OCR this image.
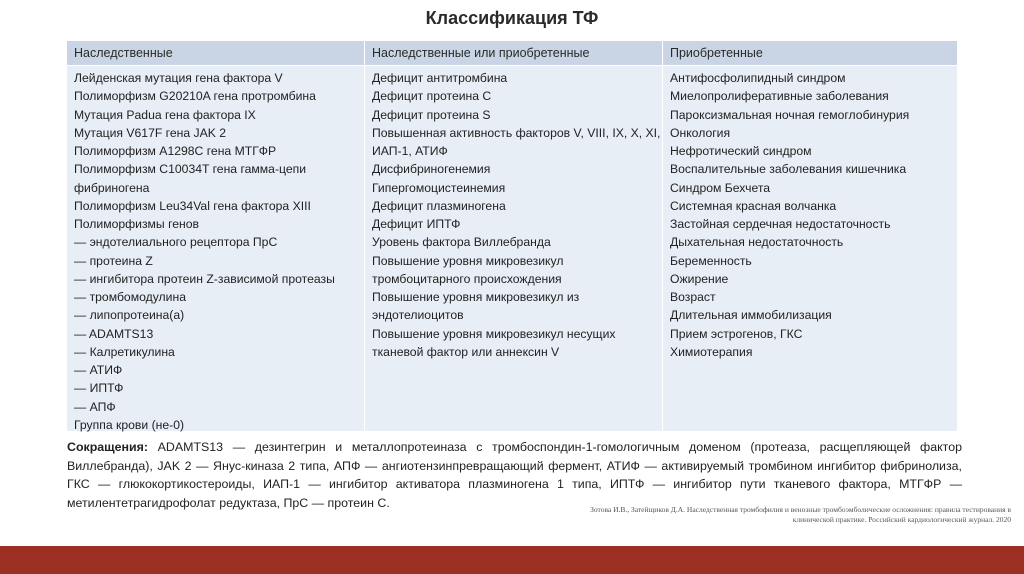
Классификация ТФ
Наследственные
Лейденская мутация гена фактора V
Полиморфизм G20210A гена протромбина
Мутация Padua гена фактора IX
Мутация V617F гена JAK 2
Полиморфизм A1298C гена МТГФР
Полиморфизм C10034T гена гамма-цепи
фибриногена
Полиморфизм Leu34Val гена фактора XIII
Полиморфизмы генов
— эндотелиального рецептора ПрС
— протеина Z
— ингибитора протеин Z-зависимой протеазы
— тромбомодулина
— липопротеина(а)
— ADAMTS13
— Калретикулина
— АТИФ
— ИПТФ
— АПФ
Группа крови (не-0)
Наследственные или приобретенные
Дефицит антитромбина
Дефицит протеина C
Дефицит протеина S
Повышенная активность факторов V, VIII, IX, X, XI,
ИАП-1, АТИФ
Дисфибриногенемия
Гипергомоцистеинемия
Дефицит плазминогена
Дефицит ИПТФ
Уровень фактора Виллебранда
Повышение уровня микровезикул
тромбоцитарного происхождения
Повышение уровня микровезикул из
эндотелиоцитов
Повышение уровня микровезикул несущих
тканевой фактор или аннексин V
Приобретенные
Антифосфолипидный синдром
Миелопролиферативные заболевания
Пароксизмальная ночная гемоглобинурия
Онкология
Нефротический синдром
Воспалительные заболевания кишечника
Синдром Бехчета
Системная красная волчанка
Застойная сердечная недостаточность
Дыхательная недостаточность
Беременность
Ожирение
Возраст
Длительная иммобилизация
Прием эстрогенов, ГКС
Химиотерапия
Сокращения: ADAMTS13 — дезинтегрин и металлопротеиназа с тромбоспондин-1-гомологичным доменом (протеаза, расщепляющей фактор Виллебранда), JAK 2 — Янус-киназа 2 типа, АПФ — ангиотензинпревращающий фермент, АТИФ — активируемый тромбином ингибитор фибринолиза, ГКС — глюкокортикостероиды, ИАП-1 — ингибитор активатора плазминогена 1 типа, ИПТФ — ингибитор пути тканевого фактора, МТГФР — метилентетрагидрофолат редуктаза, ПрС — протеин С.	Зотова И.В., Затейщиков Д.А. Наследственная тромбофилия и венозные тромбоэмболические осложнения: правила тестирования в
клинической практике. Российский кардиологический журнал. 2020
